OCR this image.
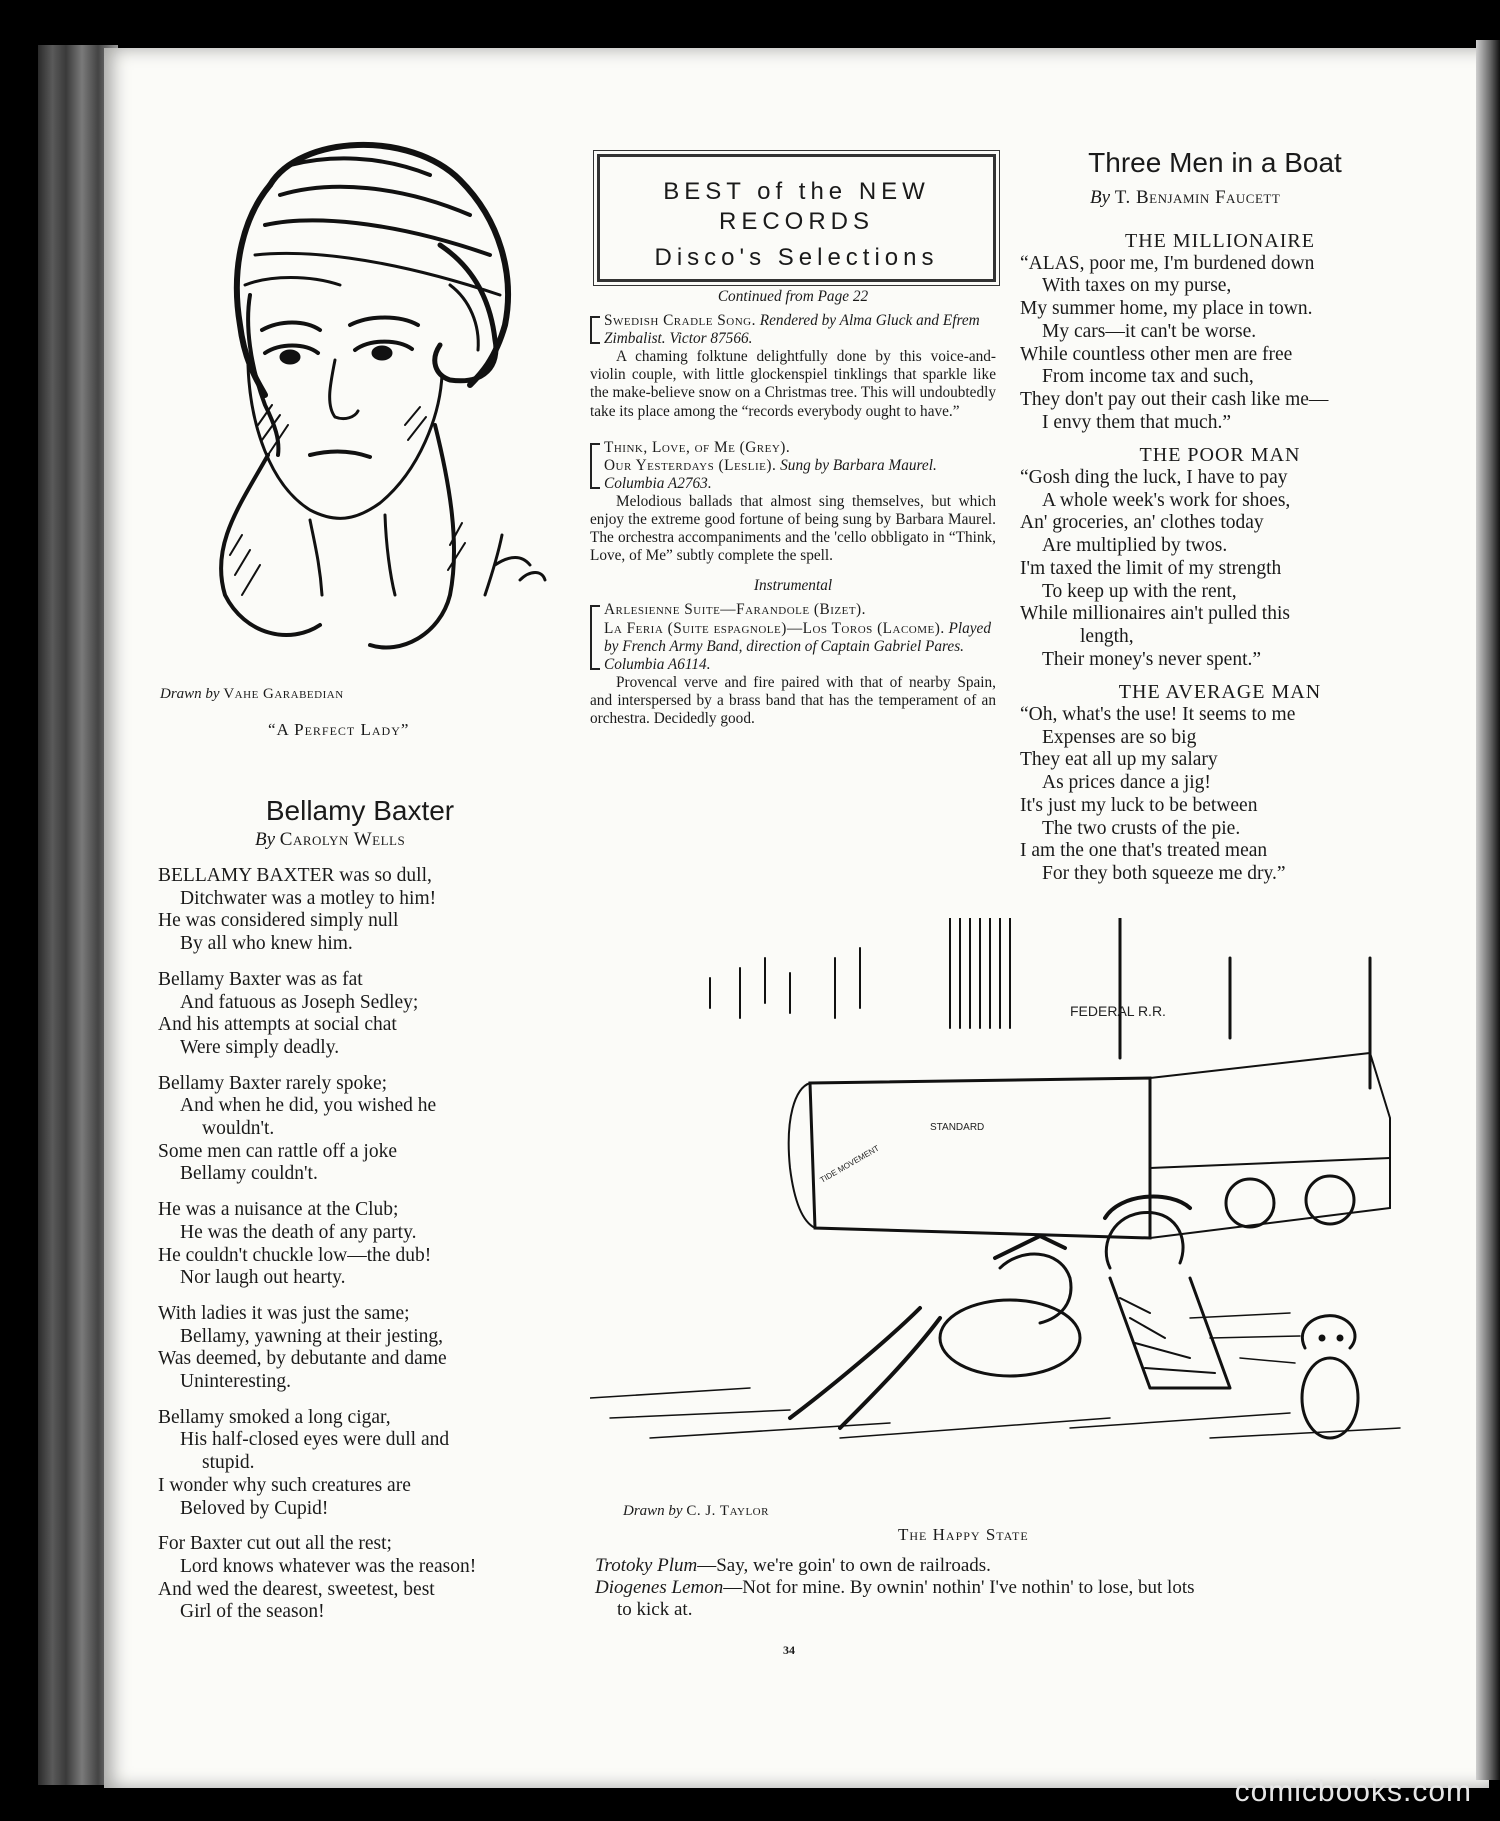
Drawn by Vahe Garabedian
“A Perfect Lady”
Bellamy Baxter
By Carolyn Wells
BELLAMY BAXTER was so dull,
Ditchwater was a motley to him!
He was considered simply null
By all who knew him.
Bellamy Baxter was as fat
And fatuous as Joseph Sedley;
And his attempts at social chat
Were simply deadly.
Bellamy Baxter rarely spoke;
And when he did, you wished he
wouldn't.
Some men can rattle off a joke
Bellamy couldn't.
He was a nuisance at the Club;
He was the death of any party.
He couldn't chuckle low—the dub!
Nor laugh out hearty.
With ladies it was just the same;
Bellamy, yawning at their jesting,
Was deemed, by debutante and dame
Uninteresting.
Bellamy smoked a long cigar,
His half-closed eyes were dull and
stupid.
I wonder why such creatures are
Beloved by Cupid!
For Baxter cut out all the rest;
Lord knows whatever was the reason!
And wed the dearest, sweetest, best
Girl of the season!
BEST of the NEW
RECORDS
Disco's Selections
Continued from Page 22
Swedish Cradle Song. Rendered by Alma Gluck and Efrem Zimbalist. Victor 87566.
A chaming folktune delightfully done by this voice-and-violin couple, with little glockenspiel tinklings that sparkle like the make-believe snow on a Christmas tree. This will undoubtedly take its place among the “records everybody ought to have.”
Think, Love, of Me (Grey).
Our Yesterdays (Leslie). Sung by Barbara Maurel. Columbia A2763.
Melodious ballads that almost sing themselves, but which enjoy the extreme good fortune of being sung by Barbara Maurel. The orchestra accompaniments and the 'cello obbligato in “Think, Love, of Me” subtly complete the spell.
Instrumental
Arlesienne Suite—Farandole (Bizet).
La Feria (Suite espagnole)—Los Toros (Lacome). Played by French Army Band, direction of Captain Gabriel Pares. Columbia A6114.
Provencal verve and fire paired with that of nearby Spain, and interspersed by a brass band that has the temperament of an orchestra. Decidedly good.
Three Men in a Boat
By T. Benjamin Faucett
THE MILLIONAIRE
“ALAS, poor me, I'm burdened down
With taxes on my purse,
My summer home, my place in town.
My cars—it can't be worse.
While countless other men are free
From income tax and such,
They don't pay out their cash like me—
I envy them that much.”
THE POOR MAN
“Gosh ding the luck, I have to pay
A whole week's work for shoes,
An' groceries, an' clothes today
Are multiplied by twos.
I'm taxed the limit of my strength
To keep up with the rent,
While millionaires ain't pulled this
length,
Their money's never spent.”
THE AVERAGE MAN
“Oh, what's the use! It seems to me
Expenses are so big
They eat all up my salary
As prices dance a jig!
It's just my luck to be between
The two crusts of the pie.
I am the one that's treated mean
For they both squeeze me dry.”
FEDERAL R.R.
STANDARD
TIDE MOVEMENT
Drawn by C. J. Taylor
The Happy State
Trotoky Plum—Say, we're goin' to own de railroads.
Diogenes Lemon—Not for mine. By ownin' nothin' I've nothin' to lose, but lots
to kick at.
34
comicbooks.com
